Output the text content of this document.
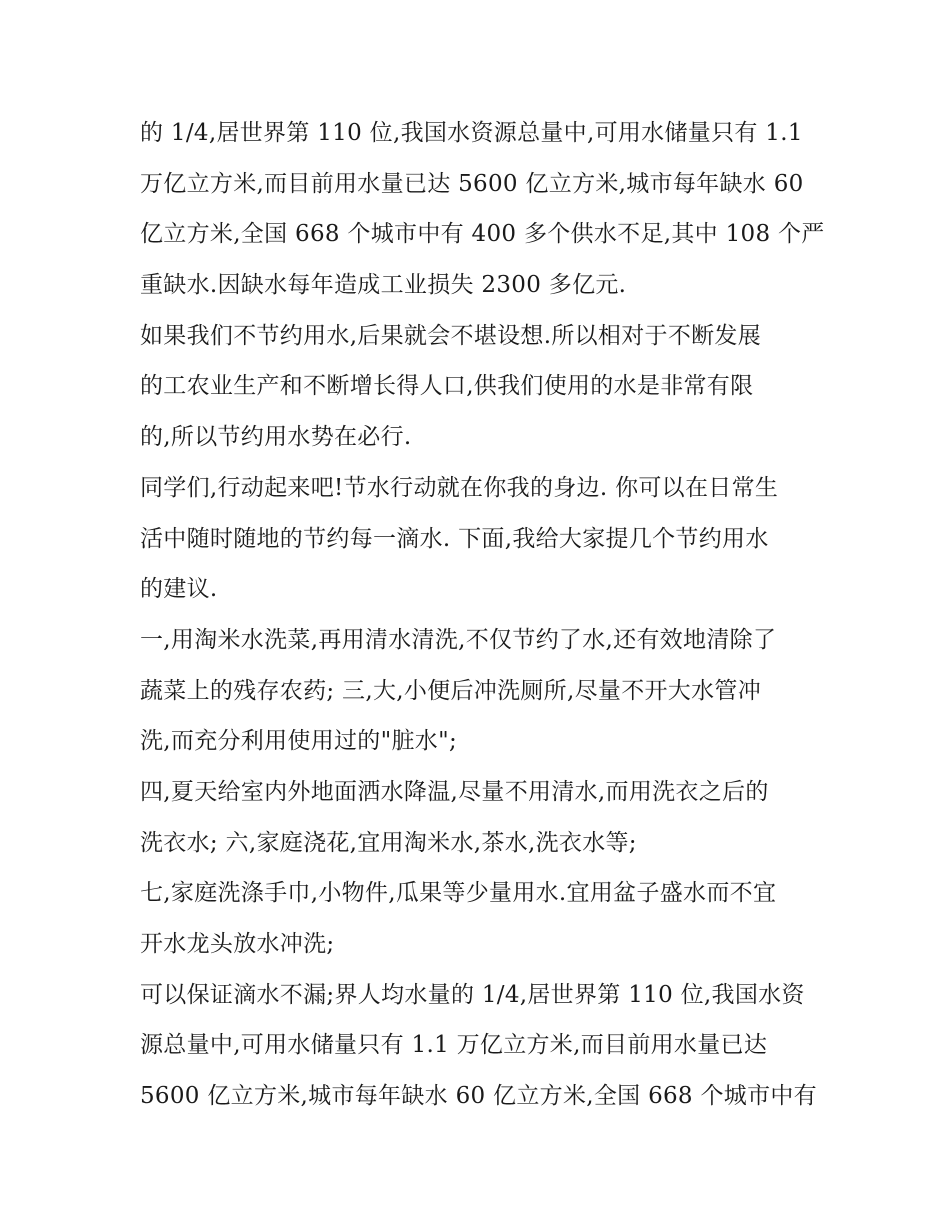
的 1/4,居世界第 110 位,我国水资源总量中,可用水储量只有 1.1
万亿立方米,而目前用水量已达 5600 亿立方米,城市每年缺水 60
亿立方米,全国 668 个城市中有 400 多个供水不足,其中 108 个严
重缺水.因缺水每年造成工业损失 2300 多亿元.
如果我们不节约用水,后果就会不堪设想.所以相对于不断发展
的工农业生产和不断增长得人口,供我们使用的水是非常有限
的,所以节约用水势在必行.
同学们,行动起来吧!节水行动就在你我的身边. 你可以在日常生
活中随时随地的节约每一滴水. 下面,我给大家提几个节约用水
的建议.
一,用淘米水洗菜,再用清水清洗,不仅节约了水,还有效地清除了
蔬菜上的残存农药; 三,大,小便后冲洗厕所,尽量不开大水管冲
洗,而充分利用使用过的"脏水";
四,夏天给室内外地面洒水降温,尽量不用清水,而用洗衣之后的
洗衣水; 六,家庭浇花,宜用淘米水,茶水,洗衣水等;
七,家庭洗涤手巾,小物件,瓜果等少量用水.宜用盆子盛水而不宜
开水龙头放水冲洗;
可以保证滴水不漏;界人均水量的 1/4,居世界第 110 位,我国水资
源总量中,可用水储量只有 1.1 万亿立方米,而目前用水量已达
5600 亿立方米,城市每年缺水 60 亿立方米,全国 668 个城市中有
